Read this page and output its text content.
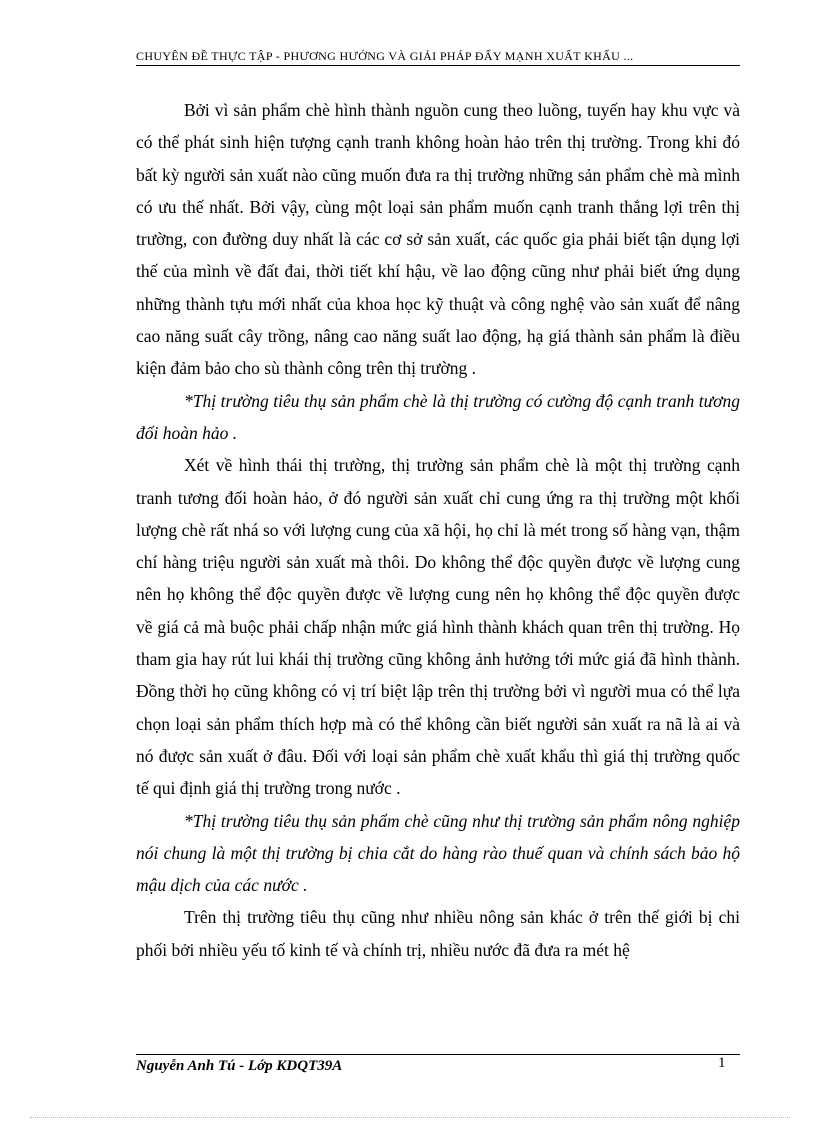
CHUYÊN ĐỀ THỰC TẬP - PHƯƠNG HƯỚNG VÀ GIẢI PHÁP ĐẨY MẠNH XUẤT KHẨU ...

Bởi vì sản phẩm chè hình thành nguồn cung theo luồng, tuyến hay khu vực và có thể phát sinh hiện tượng cạnh tranh không hoàn hảo trên thị trường. Trong khi đó bất kỳ người sản xuất nào cũng muốn đưa ra thị trường những sản phẩm chè mà mình có ưu thế nhất. Bởi vậy, cùng một loại sản phẩm muốn cạnh tranh thắng lợi trên thị trường, con đường duy nhất là các cơ sở sản xuất, các quốc gia phải biết tận dụng lợi thế của mình về đất đai, thời tiết khí hậu, về lao động cũng như phải biết ứng dụng những thành tựu mới nhất của khoa học kỹ thuật và công nghệ vào sản xuất để nâng cao năng suất cây trồng, nâng cao năng suất lao động, hạ giá thành sản phẩm là điều kiện đảm bảo cho sù thành công trên thị trường .

*Thị trường tiêu thụ sản phẩm chè là thị trường có cường độ cạnh tranh tương đối hoàn hảo .

Xét về hình thái thị trường, thị trường sản phẩm chè là một thị trường cạnh tranh tương đối hoàn hảo, ở đó người sản xuất chỉ cung ứng ra thị trường một khối lượng chè rất nhá so với lượng cung của xã hội, họ chỉ là mét trong số hàng vạn, thậm chí hàng triệu người sản xuất mà thôi. Do không thể độc quyền được về lượng cung nên họ không thể độc quyền được về lượng cung nên họ không thể độc quyền được về giá cả mà buộc phải chấp nhận mức giá hình thành khách quan trên thị trường. Họ tham gia hay rút lui khái thị trường cũng không ảnh hưởng tới mức giá đã hình thành. Đồng thời họ cũng không có vị trí biệt lập trên thị trường bởi vì người mua có thể lựa chọn loại sản phẩm thích hợp mà có thể không cần biết người sản xuất ra nã là ai và nó được sản xuất ở đâu. Đối với loại sản phẩm chè xuất khẩu thì giá thị trường quốc tế qui định giá thị trường trong nước .

*Thị trường tiêu thụ sản phẩm chè cũng như thị trường sản phẩm nông nghiệp nói chung là một thị trường bị chia cắt do hàng rào thuế quan và chính sách bảo hộ mậu dịch của các nước .

Trên thị trường tiêu thụ cũng như nhiều nông sản khác ở trên thế giới bị chi phối bởi nhiều yếu tố kinh tế và chính trị, nhiều nước đã đưa ra mét hệ

Nguyễn Anh Tú - Lớp KDQT39A	1
